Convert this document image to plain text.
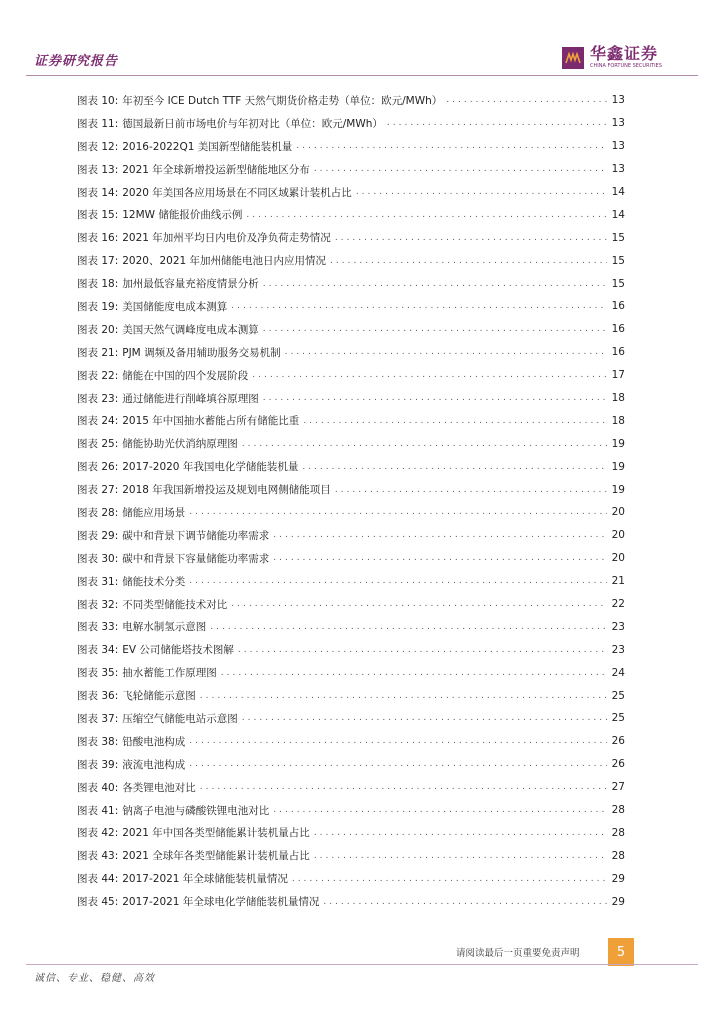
证券研究报告	华鑫证券
CHINA FORTUNE SECURITIES
图表 10: 年初至今 ICE Dutch TTF 天然气期货价格走势（单位：欧元/MWh） .....	13
图表 11: 德国最新日前市场电价与年初对比（单位：欧元/MWh） .....	13
图表 12: 2016-2022Q1 美国新型储能装机量 .....	13
图表 13: 2021 年全球新增投运新型储能地区分布 .....	13
图表 14: 2020 年美国各应用场景在不同区域累计装机占比 .....	14
图表 15: 12MW 储能报价曲线示例 .....	14
图表 16: 2021 年加州平均日内电价及净负荷走势情况 .....	15
图表 17: 2020、2021 年加州储能电池日内应用情况 .....	15
图表 18: 加州最低容量充裕度情景分析 .....	15
图表 19: 美国储能度电成本测算 .....	16
图表 20: 美国天然气调峰度电成本测算 .....	16
图表 21: PJM 调频及备用辅助服务交易机制 .....	16
图表 22: 储能在中国的四个发展阶段 .....	17
图表 23: 通过储能进行削峰填谷原理图 .....	18
图表 24: 2015 年中国抽水蓄能占所有储能比重 .....	18
图表 25: 储能协助光伏消纳原理图 .....	19
图表 26: 2017-2020 年我国电化学储能装机量 .....	19
图表 27: 2018 年我国新增投运及规划电网侧储能项目 .....	19
图表 28: 储能应用场景 .....	20
图表 29: 碳中和背景下调节储能功率需求 .....	20
图表 30: 碳中和背景下容量储能功率需求 .....	20
图表 31: 储能技术分类 .....	21
图表 32: 不同类型储能技术对比 .....	22
图表 33: 电解水制氢示意图 .....	23
图表 34: EV 公司储能塔技术图解 .....	23
图表 35: 抽水蓄能工作原理图 .....	24
图表 36: 飞轮储能示意图 .....	25
图表 37: 压缩空气储能电站示意图 .....	25
图表 38: 铅酸电池构成 .....	26
图表 39: 液流电池构成 .....	26
图表 40: 各类锂电池对比 .....	27
图表 41: 钠离子电池与磷酸铁锂电池对比 .....	28
图表 42: 2021 年中国各类型储能累计装机量占比 .....	28
图表 43: 2021 全球年各类型储能累计装机量占比 .....	28
图表 44: 2017-2021 年全球储能装机量情况 .....	29
图表 45: 2017-2021 年全球电化学储能装机量情况 .....	29
请阅读最后一页重要免责声明	5
诚信、专业、稳健、高效
